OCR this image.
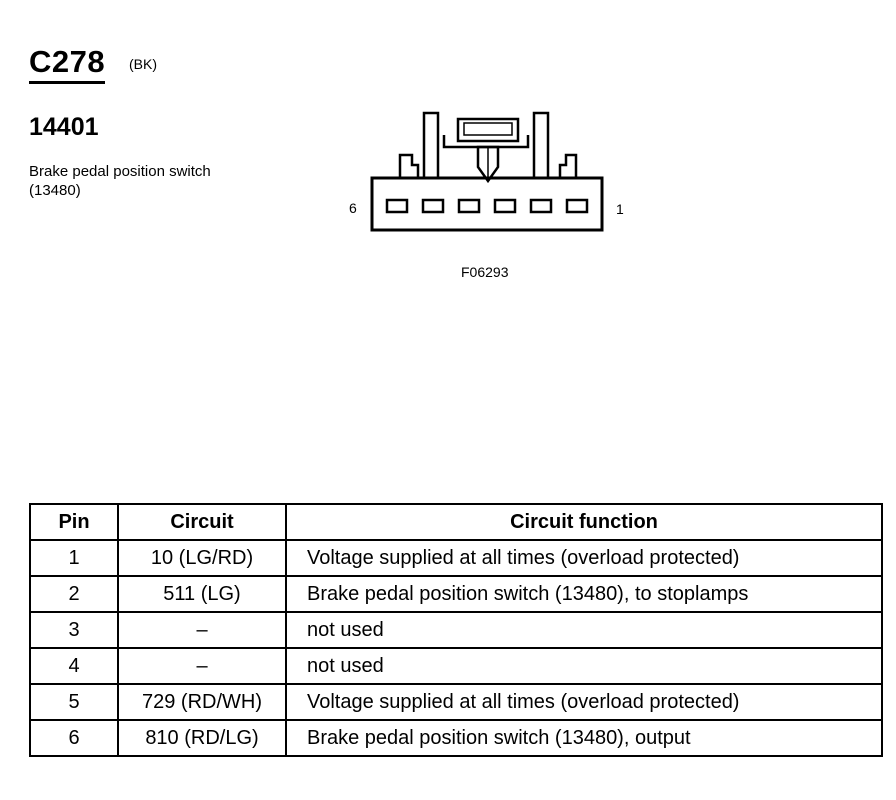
C278 (BK)
14401
Brake pedal position switch (13480)
6	1
F06293
Pin	Circuit	Circuit function
1	10 (LG/RD)	Voltage supplied at all times (overload protected)
2	511 (LG)	Brake pedal position switch (13480), to stoplamps
3	–	not used
4	–	not used
5	729 (RD/WH)	Voltage supplied at all times (overload protected)
6	810 (RD/LG)	Brake pedal position switch (13480), output
